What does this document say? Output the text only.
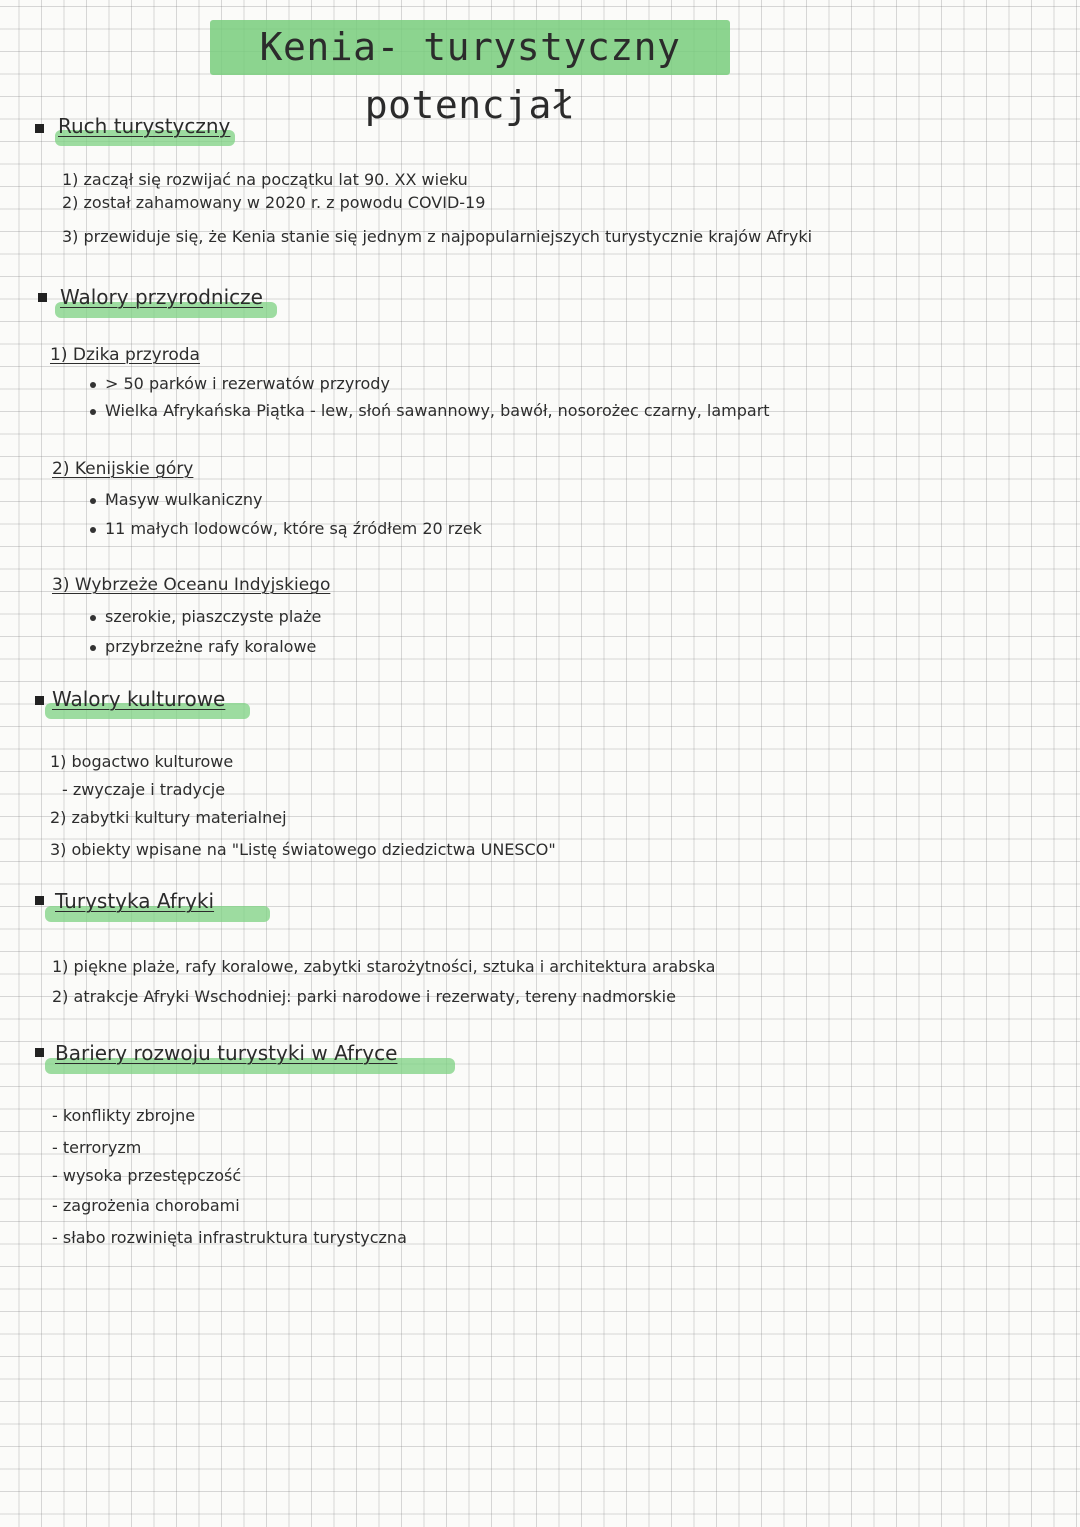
Kenia- turystyczny potencjał
Ruch turystyczny
1) zaczął się rozwijać na początku lat 90. XX wieku
2) został zahamowany w 2020 r. z powodu COVID-19
3) przewiduje się, że Kenia stanie się jednym z najpopularniejszych turystycznie krajów Afryki
Walory przyrodnicze
1) Dzika przyroda
> 50 parków i rezerwatów przyrody
Wielka Afrykańska Piątka - lew, słoń sawannowy, bawół, nosorożec czarny, lampart
2) Kenijskie góry
Masyw wulkaniczny
11 małych lodowców, które są źródłem 20 rzek
3) Wybrzeże Oceanu Indyjskiego
szerokie, piaszczyste plaże
przybrzeżne rafy koralowe
Walory kulturowe
1) bogactwo kulturowe
- zwyczaje i tradycje
2) zabytki kultury materialnej
3) obiekty wpisane na "Listę światowego dziedzictwa UNESCO"
Turystyka Afryki
1) piękne plaże, rafy koralowe, zabytki starożytności, sztuka i architektura arabska
2) atrakcje Afryki Wschodniej: parki narodowe i rezerwaty, tereny nadmorskie
Bariery rozwoju turystyki w Afryce
- konflikty zbrojne
- terroryzm
- wysoka przestępczość
- zagrożenia chorobami
- słabo rozwinięta infrastruktura turystyczna
